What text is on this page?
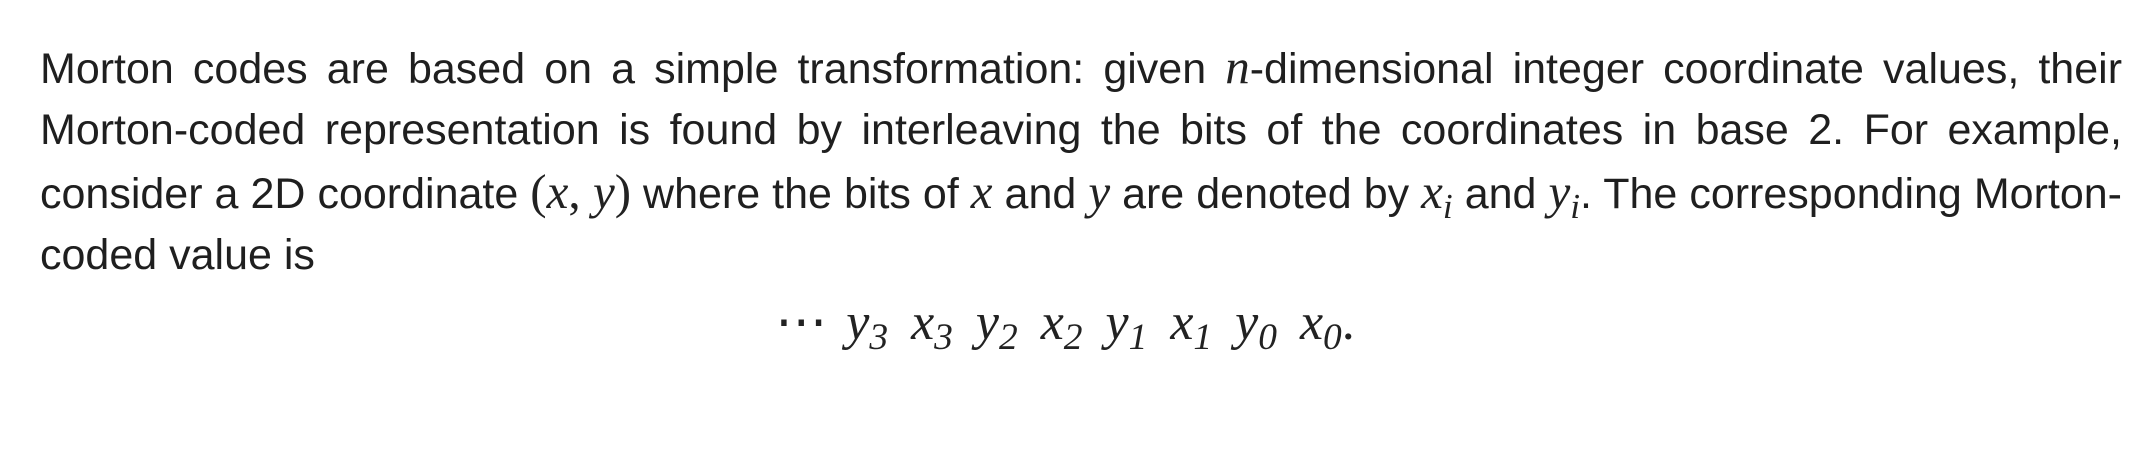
Morton codes are based on a simple transformation: given n-dimensional integer coordinate values, their Morton-coded representation is found by interleaving the bits of the coordinates in base 2. For example, consider a 2D coordinate (x, y) where the bits of x and y are denoted by $x_i$ and $y_i$. The corresponding Morton-coded value is

⋯ $y_3$ $x_3$ $y_2$ $x_2$ $y_1$ $x_1$ $y_0$ $x_0$.
